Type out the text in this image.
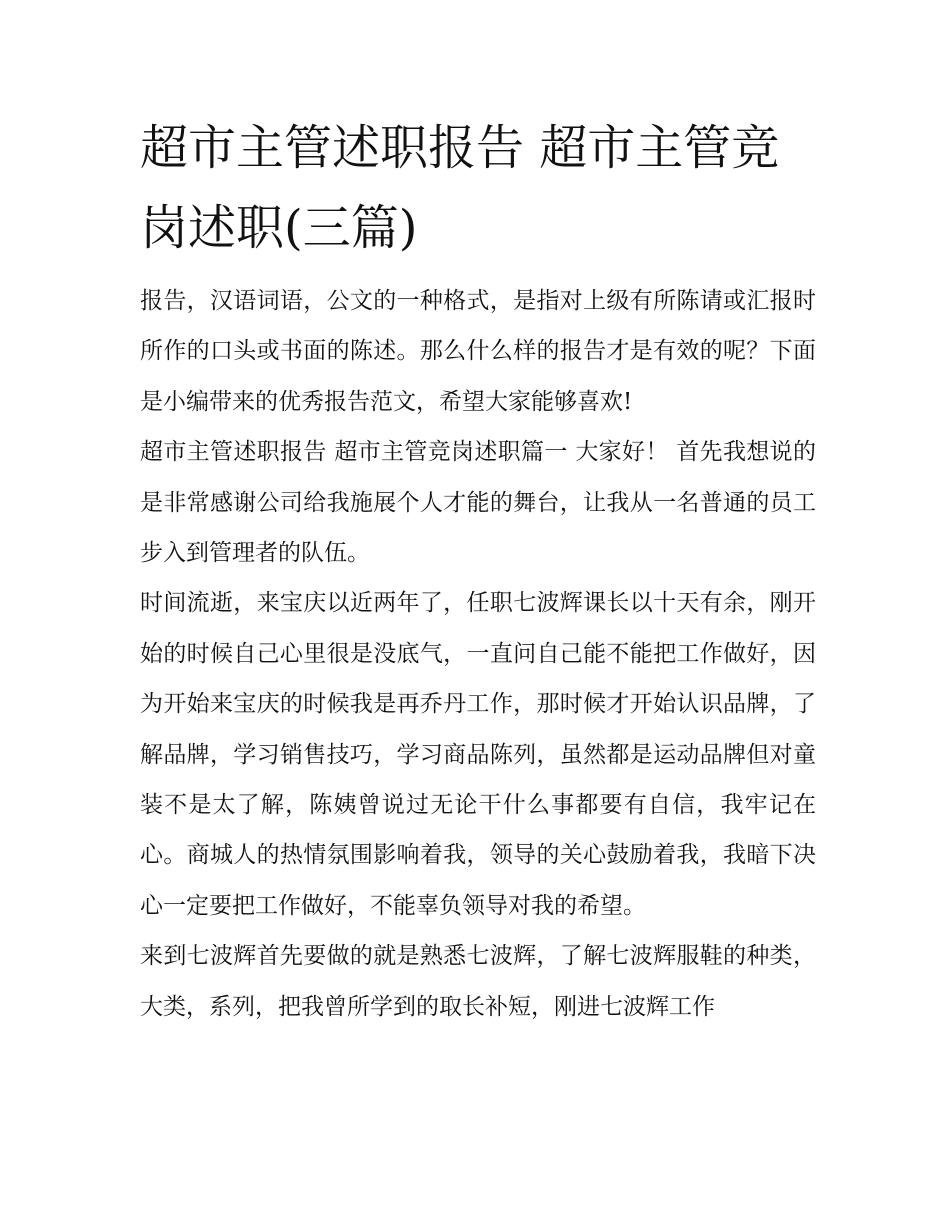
超市主管述职报告 超市主管竞岗述职(三篇)

报告，汉语词语，公文的一种格式，是指对上级有所陈请或汇报时所作的口头或书面的陈述。那么什么样的报告才是有效的呢？下面是小编带来的优秀报告范文，希望大家能够喜欢!

超市主管述职报告 超市主管竞岗述职篇一 大家好！ 首先我想说的是非常感谢公司给我施展个人才能的舞台，让我从一名普通的员工步入到管理者的队伍。

时间流逝，来宝庆以近两年了，任职七波辉课长以十天有余，刚开始的时候自己心里很是没底气，一直问自己能不能把工作做好，因为开始来宝庆的时候我是再乔丹工作，那时候才开始认识品牌，了解品牌，学习销售技巧，学习商品陈列，虽然都是运动品牌但对童装不是太了解，陈姨曾说过无论干什么事都要有自信，我牢记在心。商城人的热情氛围影响着我，领导的关心鼓励着我，我暗下决心一定要把工作做好，不能辜负领导对我的希望。

来到七波辉首先要做的就是熟悉七波辉，了解七波辉服鞋的种类，大类，系列，把我曾所学到的取长补短，刚进七波辉工作
